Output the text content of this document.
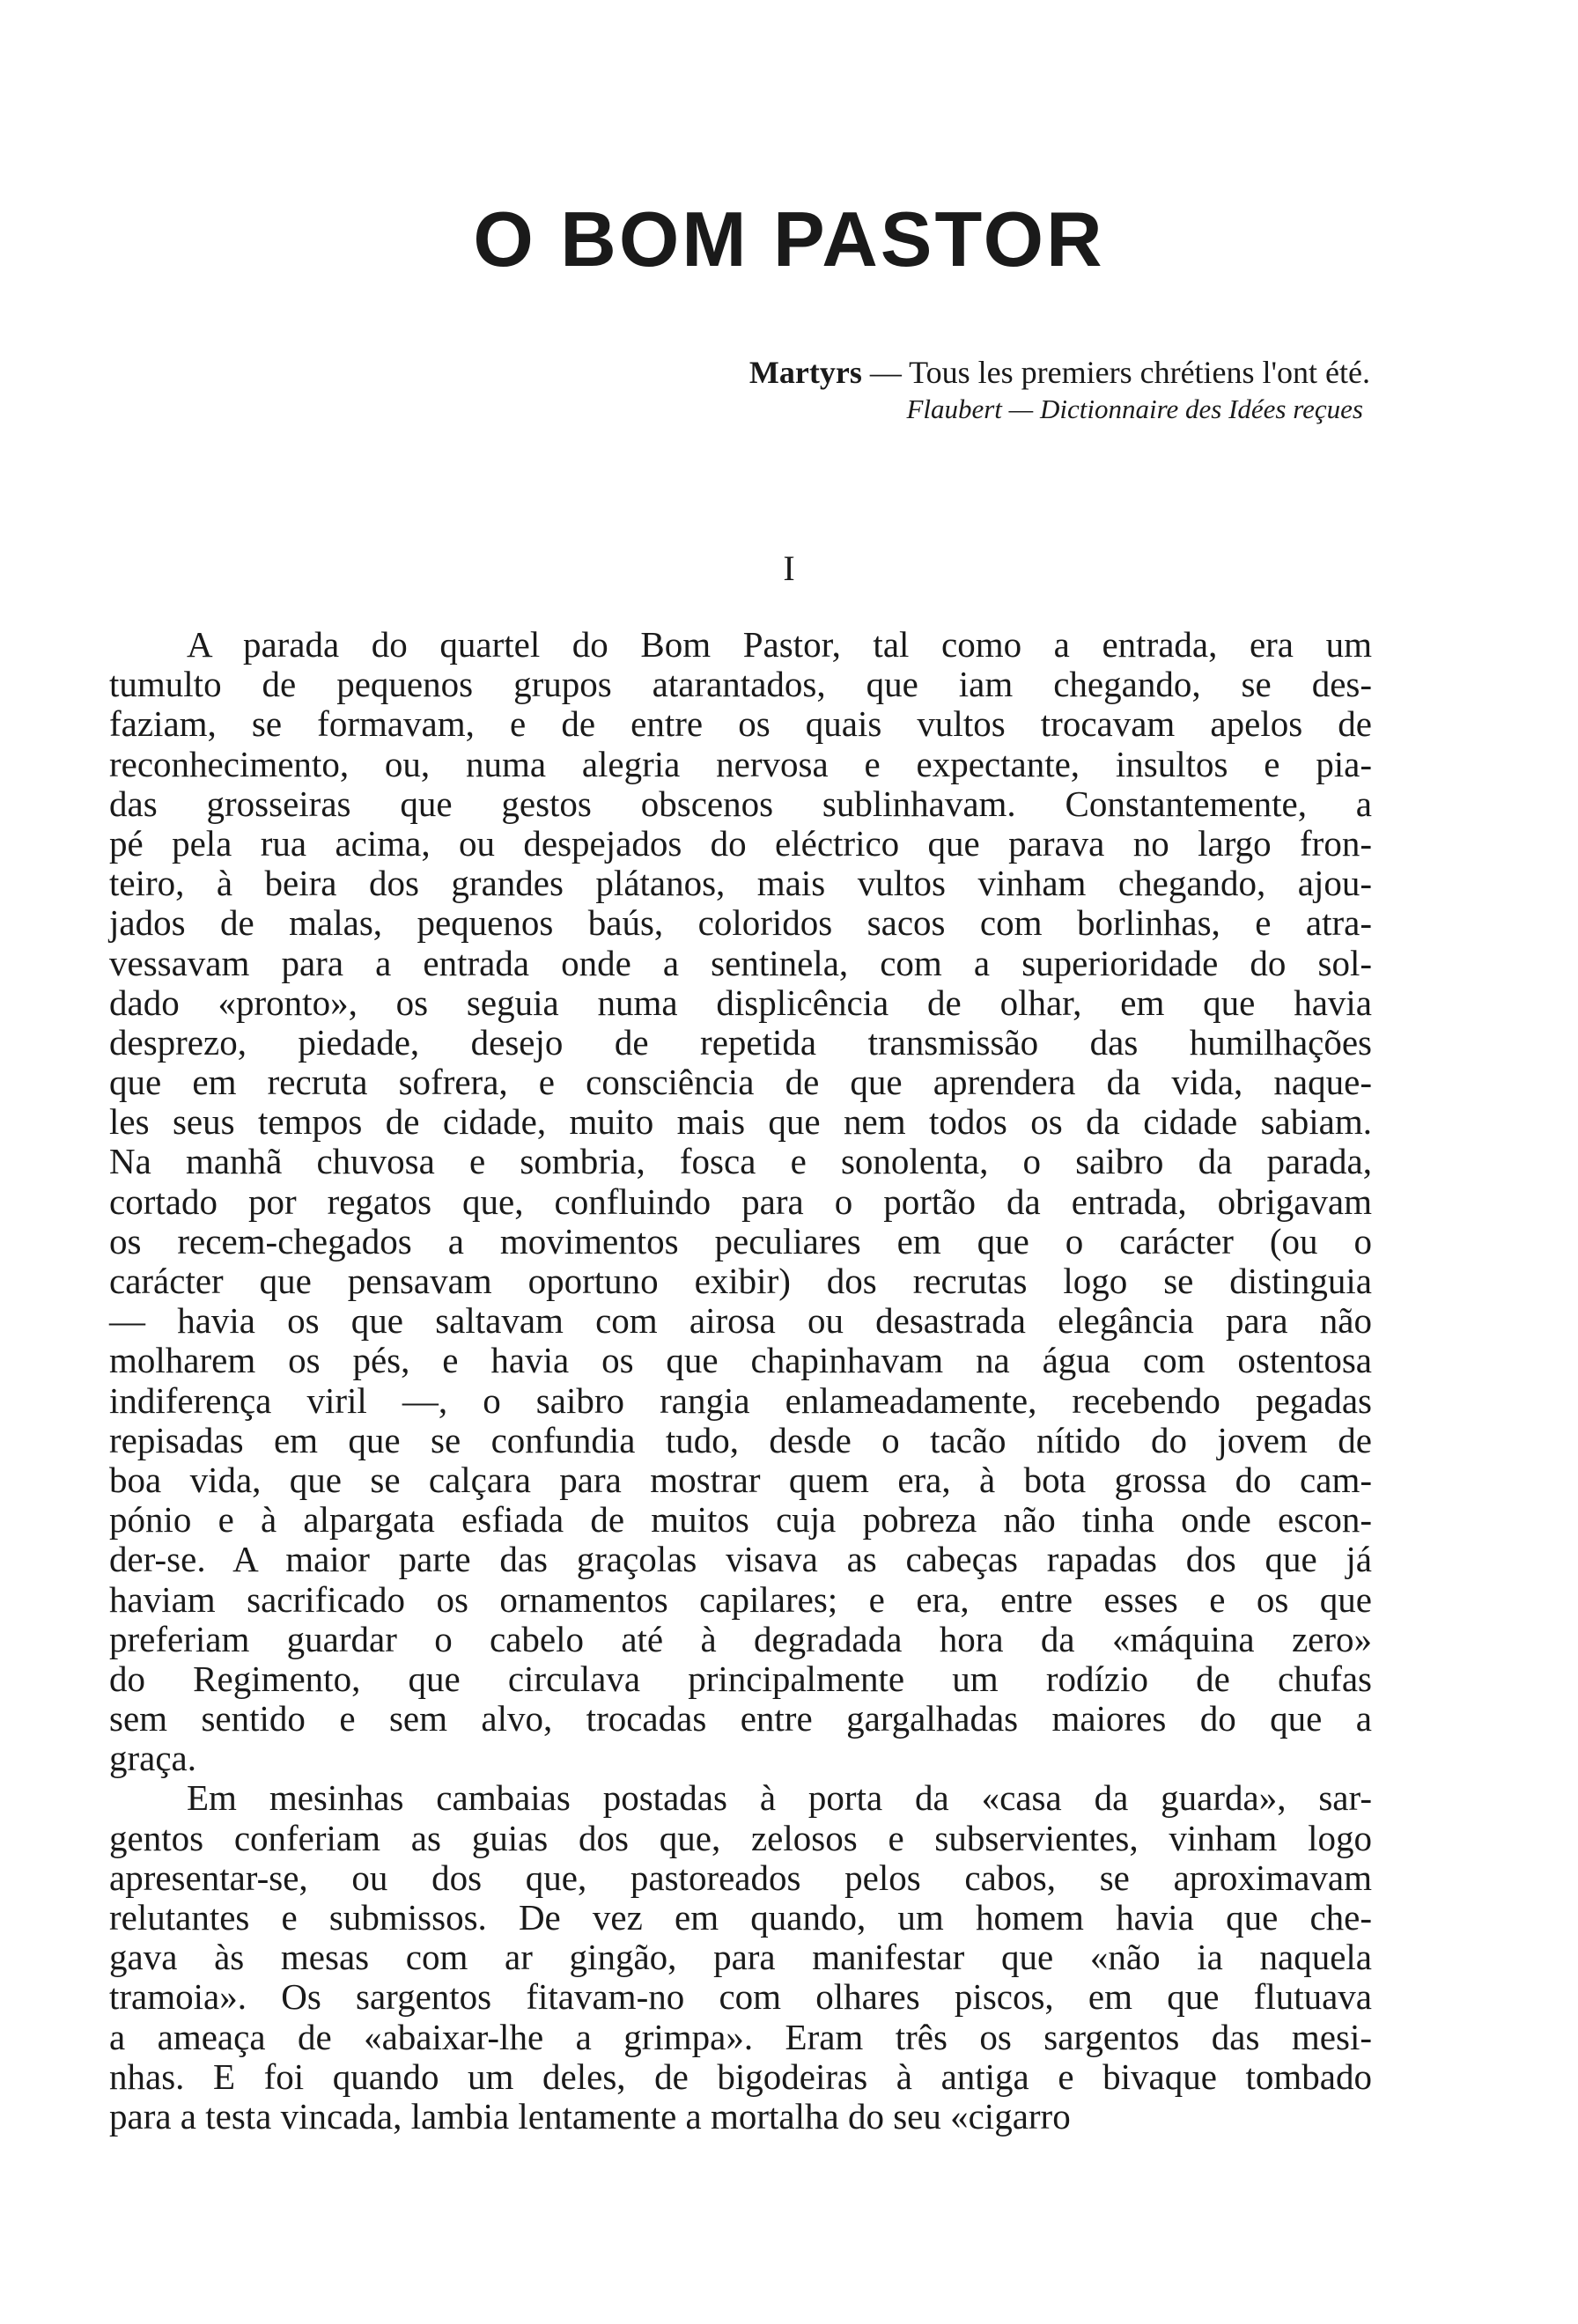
O BOM PASTOR
Martyrs — Tous les premiers chrétiens l'ont été.
Flaubert — Dictionnaire des Idées reçues
I
A parada do quartel do Bom Pastor, tal como a entrada, era um
tumulto de pequenos grupos atarantados, que iam chegando, se des-
faziam, se formavam, e de entre os quais vultos trocavam apelos de
reconhecimento, ou, numa alegria nervosa e expectante, insultos e pia-
das grosseiras que gestos obscenos sublinhavam. Constantemente, a
pé pela rua acima, ou despejados do eléctrico que parava no largo fron-
teiro, à beira dos grandes plátanos, mais vultos vinham chegando, ajou-
jados de malas, pequenos baús, coloridos sacos com borlinhas, e atra-
vessavam para a entrada onde a sentinela, com a superioridade do sol-
dado «pronto», os seguia numa displicência de olhar, em que havia
desprezo, piedade, desejo de repetida transmissão das humilhações
que em recruta sofrera, e consciência de que aprendera da vida, naque-
les seus tempos de cidade, muito mais que nem todos os da cidade sabiam.
Na manhã chuvosa e sombria, fosca e sonolenta, o saibro da parada,
cortado por regatos que, confluindo para o portão da entrada, obrigavam
os recem-chegados a movimentos peculiares em que o carácter (ou o
carácter que pensavam oportuno exibir) dos recrutas logo se distinguia
— havia os que saltavam com airosa ou desastrada elegância para não
molharem os pés, e havia os que chapinhavam na água com ostentosa
indiferença viril —, o saibro rangia enlameadamente, recebendo pegadas
repisadas em que se confundia tudo, desde o tacão nítido do jovem de
boa vida, que se calçara para mostrar quem era, à bota grossa do cam-
pónio e à alpargata esfiada de muitos cuja pobreza não tinha onde escon-
der-se. A maior parte das graçolas visava as cabeças rapadas dos que já
haviam sacrificado os ornamentos capilares; e era, entre esses e os que
preferiam guardar o cabelo até à degradada hora da «máquina zero»
do Regimento, que circulava principalmente um rodízio de chufas
sem sentido e sem alvo, trocadas entre gargalhadas maiores do que a
graça.
Em mesinhas cambaias postadas à porta da «casa da guarda», sar-
gentos conferiam as guias dos que, zelosos e subservientes, vinham logo
apresentar-se, ou dos que, pastoreados pelos cabos, se aproximavam
relutantes e submissos. De vez em quando, um homem havia que che-
gava às mesas com ar gingão, para manifestar que «não ia naquela
tramoia». Os sargentos fitavam-no com olhares piscos, em que flutuava
a ameaça de «abaixar-lhe a grimpa». Eram três os sargentos das mesi-
nhas. E foi quando um deles, de bigodeiras à antiga e bivaque tombado
para a testa vincada, lambia lentamente a mortalha do seu «cigarro
